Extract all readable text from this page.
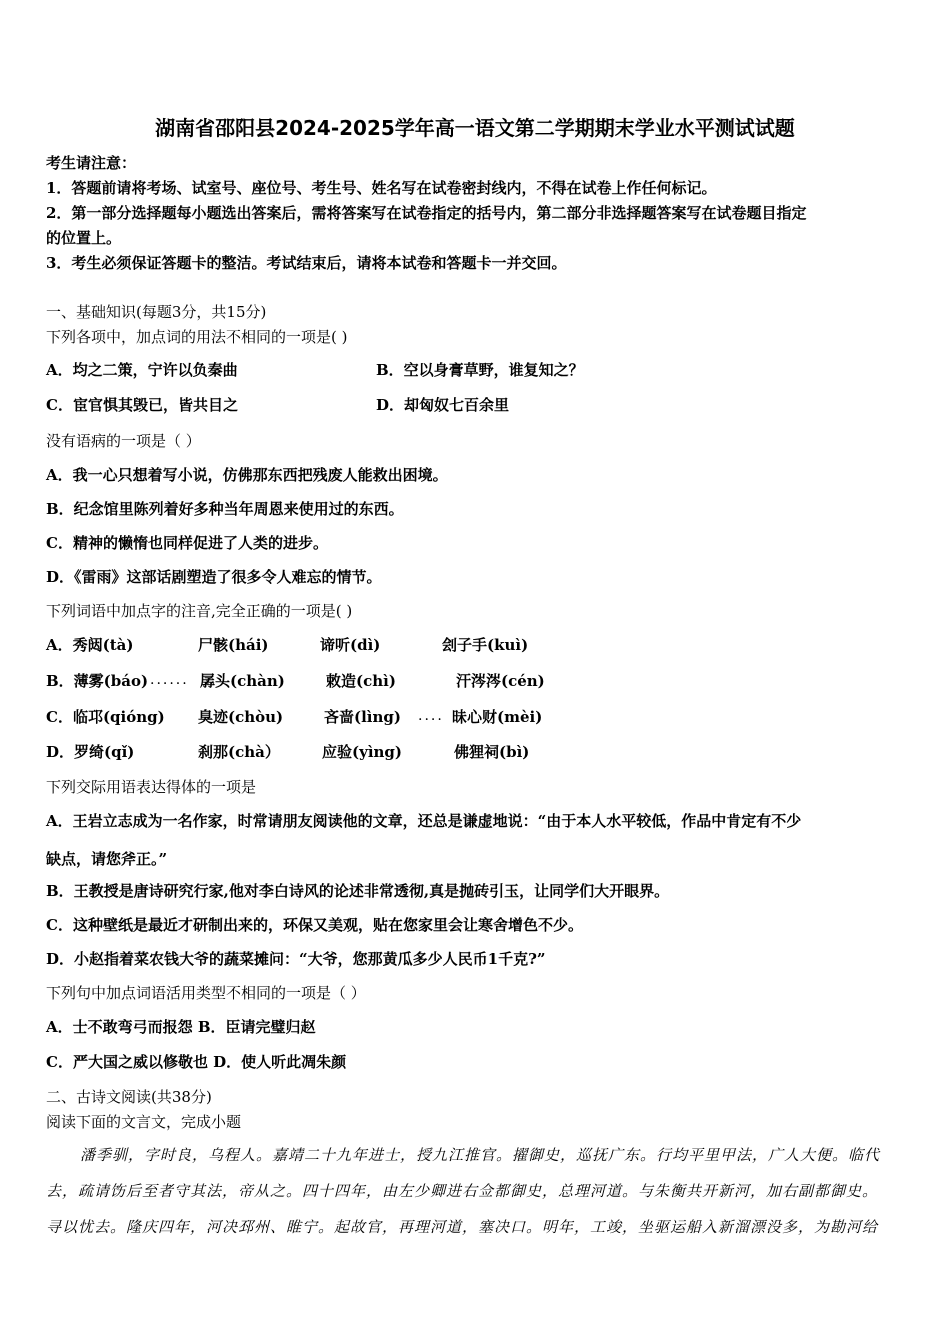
湖南省邵阳县2024-2025学年高一语文第二学期期末学业水平测试试题
考生请注意：
1．答题前请将考场、试室号、座位号、考生号、姓名写在试卷密封线内，不得在试卷上作任何标记。
2．第一部分选择题每小题选出答案后，需将答案写在试卷指定的括号内，第二部分非选择题答案写在试卷题目指定
的位置上。
3．考生必须保证答题卡的整洁。考试结束后，请将本试卷和答题卡一并交回。
一、基础知识(每题3分，共15分)
下列各项中，加点词的用法不相同的一项是( )
A．均之二策，宁许以负秦曲	B．空以身膏草野，谁复知之？
C．宦官惧其毁已，皆共目之	D．却匈奴七百余里
没有语病的一项是（ ）
A．我一心只想着写小说，仿佛那东西把残废人能救出困境。
B．纪念馆里陈列着好多种当年周恩来使用过的东西。
C．精神的懒惰也同样促进了人类的进步。
D．《雷雨》这部话剧塑造了很多令人难忘的情节。
下列词语中加点字的注音,完全正确的一项是( )
A．秀闼(tà)	尸骸(hái)	谛听(dì)	刽子手(kuì)
B．薄雾(báo) ...... 孱头(chàn)	敕造(chì)	汗涔涔(cén)
C．临邛(qióng) 臭迹(chòu)	吝啬(lìng) .... 昧心财(mèi)
D．罗绮(qǐ)	刹那(chà）	应验(yìng)	佛狸祠(bì)
下列交际用语表达得体的一项是
A．王岩立志成为一名作家，时常请朋友阅读他的文章，还总是谦虚地说：“由于本人水平较低，作品中肯定有不少
缺点，请您斧正。”
B．王教授是唐诗研究行家,他对李白诗风的论述非常透彻,真是抛砖引玉，让同学们大开眼界。
C．这种壁纸是最近才研制出来的，环保又美观，贴在您家里会让寒舍增色不少。
D．小赵指着菜农钱大爷的蔬菜摊问：“大爷，您那黄瓜多少人民币1千克?”
下列句中加点词语活用类型不相同的一项是（ ）
A．士不敢弯弓而报怨 B．臣请完璧归赵
C．严大国之威以修敬也 D．使人听此凋朱颜
二、古诗文阅读(共38分)
阅读下面的文言文，完成小题
潘季驯，字时良，乌程人。嘉靖二十九年进士，授九江推官。擢御史，巡抚广东。行均平里甲法，广人大便。临代
去，疏请饬后至者守其法，帝从之。四十四年，由左少卿进右佥都御史，总理河道。与朱衡共开新河，加右副都御史。
寻以忧去。隆庆四年，河决邳州、睢宁。起故官，再理河道，塞决口。明年，工竣，坐驱运船入新溜漂没多，为勘河给
